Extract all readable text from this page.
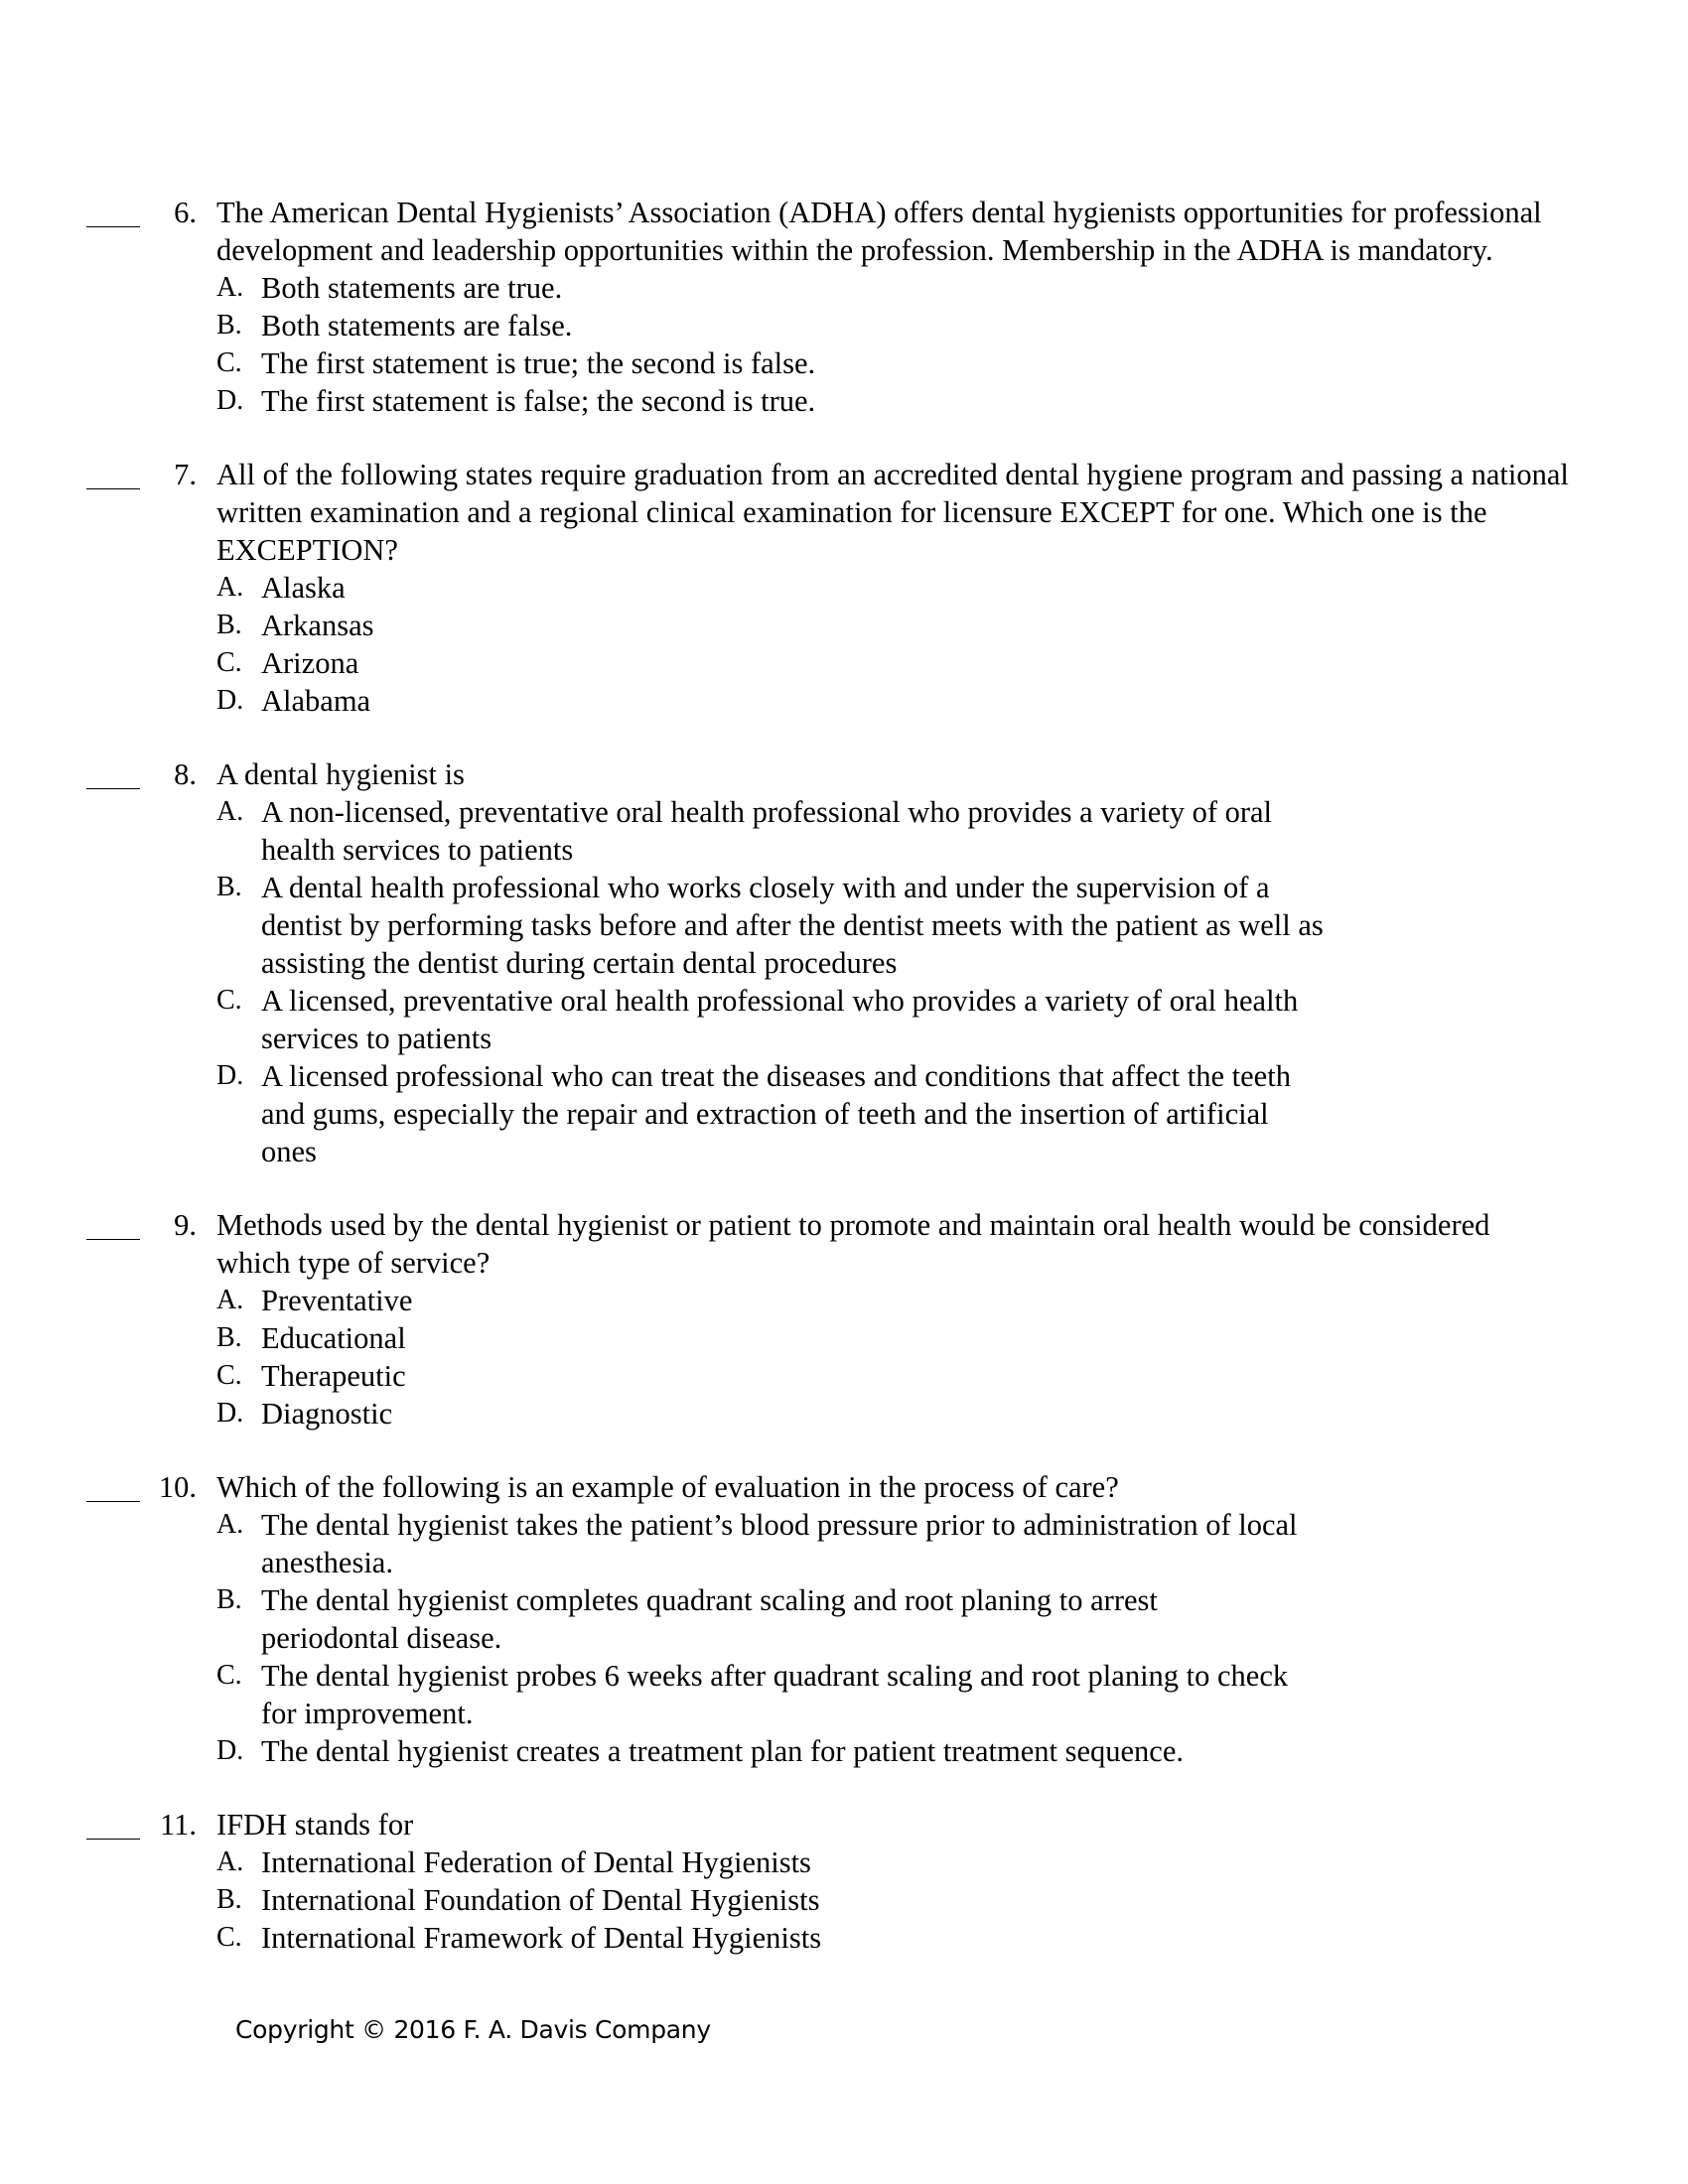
6. The American Dental Hygienists’ Association (ADHA) offers dental hygienists opportunities for professional development and leadership opportunities within the profession. Membership in the ADHA is mandatory.
A. Both statements are true.
B. Both statements are false.
C. The first statement is true; the second is false.
D. The first statement is false; the second is true.
7. All of the following states require graduation from an accredited dental hygiene program and passing a national written examination and a regional clinical examination for licensure EXCEPT for one. Which one is the EXCEPTION?
A. Alaska
B. Arkansas
C. Arizona
D. Alabama
8. A dental hygienist is
A. A non-licensed, preventative oral health professional who provides a variety of oral health services to patients
B. A dental health professional who works closely with and under the supervision of a dentist by performing tasks before and after the dentist meets with the patient as well as assisting the dentist during certain dental procedures
C. A licensed, preventative oral health professional who provides a variety of oral health services to patients
D. A licensed professional who can treat the diseases and conditions that affect the teeth and gums, especially the repair and extraction of teeth and the insertion of artificial ones
9. Methods used by the dental hygienist or patient to promote and maintain oral health would be considered which type of service?
A. Preventative
B. Educational
C. Therapeutic
D. Diagnostic
10. Which of the following is an example of evaluation in the process of care?
A. The dental hygienist takes the patient’s blood pressure prior to administration of local anesthesia.
B. The dental hygienist completes quadrant scaling and root planing to arrest periodontal disease.
C. The dental hygienist probes 6 weeks after quadrant scaling and root planing to check for improvement.
D. The dental hygienist creates a treatment plan for patient treatment sequence.
11. IFDH stands for
A. International Federation of Dental Hygienists
B. International Foundation of Dental Hygienists
C. International Framework of Dental Hygienists
Copyright © 2016 F. A. Davis Company
